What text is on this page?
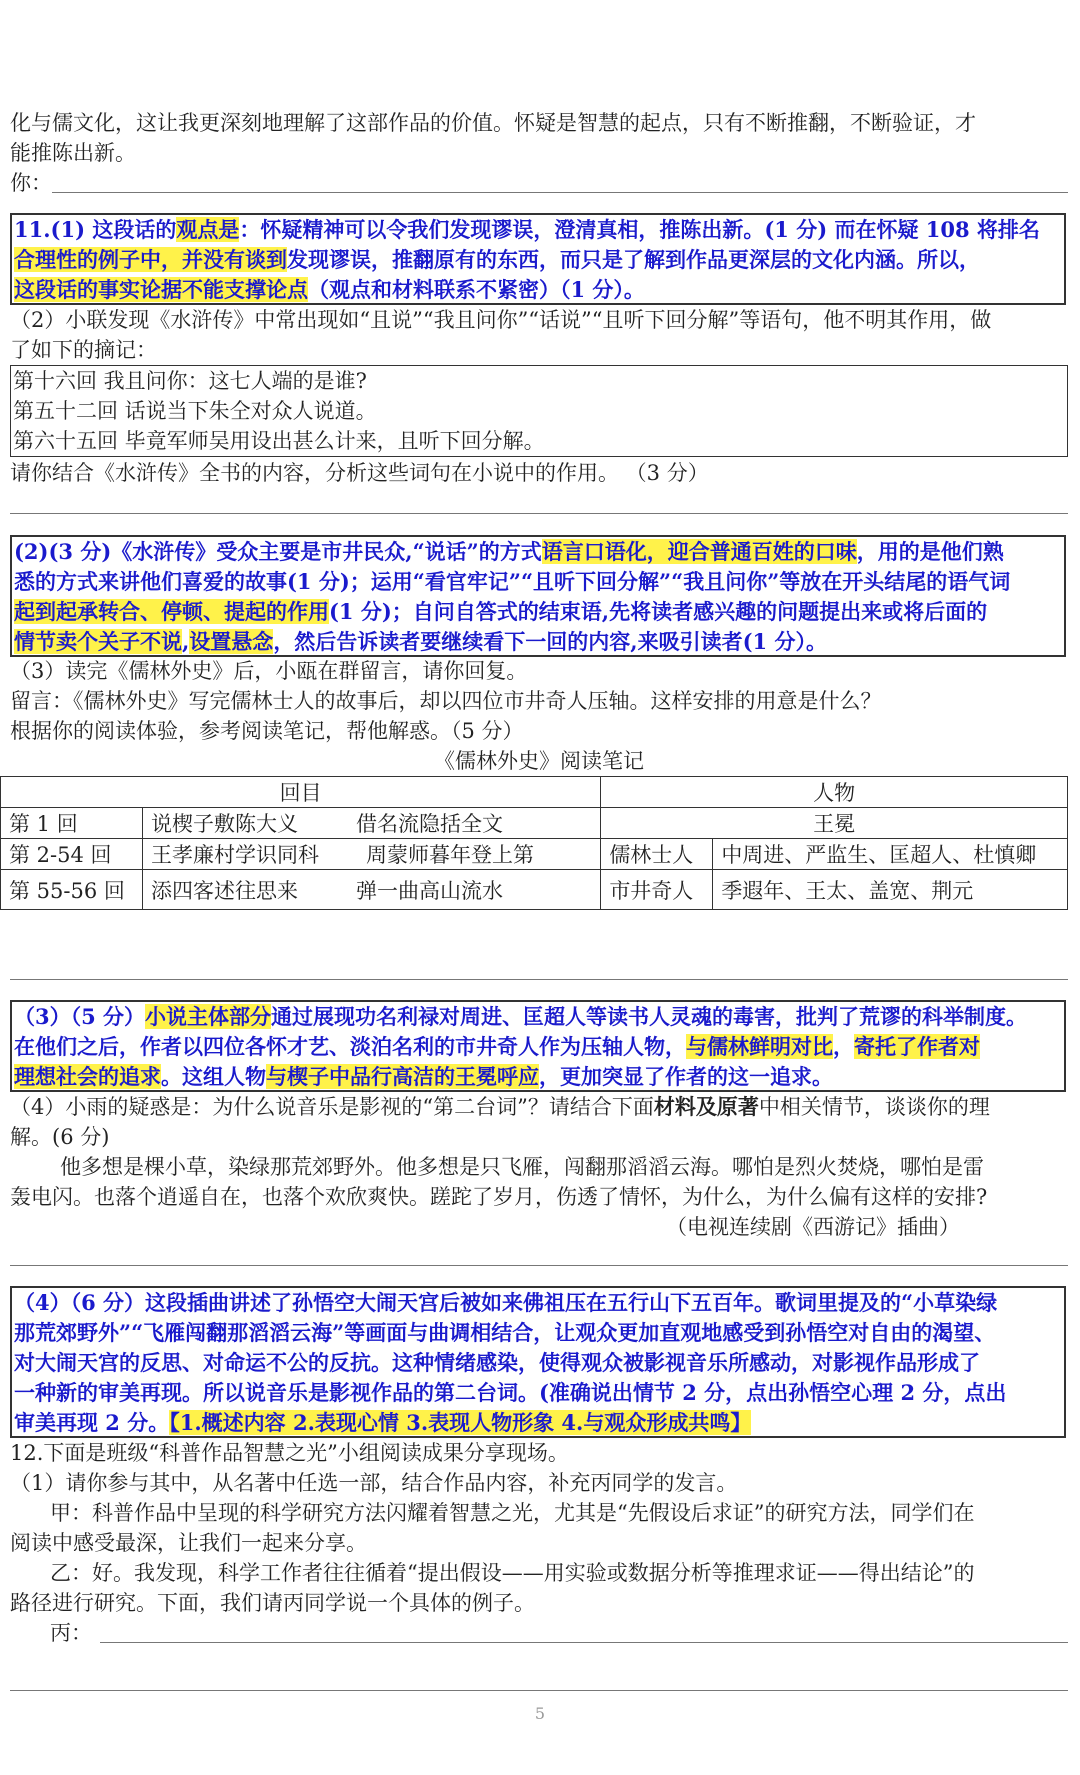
化与儒文化，这让我更深刻地理解了这部作品的价值。怀疑是智慧的起点，只有不断推翻，不断验证，才
能推陈出新。
你：
11.(1) 这段话的观点是：怀疑精神可以令我们发现谬误，澄清真相，推陈出新。(1 分) 而在怀疑 108 将排名
合理性的例子中，并没有谈到发现谬误，推翻原有的东西，而只是了解到作品更深层的文化内涵。所以，
这段话的事实论据不能支撑论点（观点和材料联系不紧密）（1 分）。
（2）小联发现《水浒传》中常出现如“且说”“我且问你”“话说”“且听下回分解”等语句，他不明其作用，做
了如下的摘记：
第十六回 我且问你：这七人端的是谁?
第五十二回 话说当下朱仝对众人说道。
第六十五回 毕竟军师吴用设出甚么计来，且听下回分解。
请你结合《水浒传》全书的内容，分析这些词句在小说中的作用。 （3 分）
(2)(3 分)《水浒传》受众主要是市井民众,“说话”的方式语言口语化，迎合普通百姓的口味，用的是他们熟
悉的方式来讲他们喜爱的故事(1 分)；运用“看官牢记”“且听下回分解”“我且问你”等放在开头结尾的语气词
起到起承转合、停顿、提起的作用(1 分)；自问自答式的结束语,先将读者感兴趣的问题提出来或将后面的
情节卖个关子不说,设置悬念，然后告诉读者要继续看下一回的内容,来吸引读者(1 分）。
（3）读完《儒林外史》后，小瓯在群留言，请你回复。
留言：《儒林外史》写完儒林士人的故事后，却以四位市井奇人压轴。这样安排的用意是什么？
根据你的阅读体验，参考阅读笔记，帮他解惑。（5 分）
《儒林外史》阅读笔记
回目		人物	
第 1 回	说楔子敷陈大义 借名流隐括全文	王冕	
第 2-54 回	王孝廉村学识同科 周蒙师暮年登上第	儒林士人	中周进、严监生、匡超人、杜慎卿
第 55-56 回	添四客述往思来 弹一曲高山流水	市井奇人	季遐年、王太、盖宽、荆元
（3）（5 分）小说主体部分通过展现功名利禄对周进、匡超人等读书人灵魂的毒害，批判了荒谬的科举制度。
在他们之后，作者以四位各怀才艺、淡泊名利的市井奇人作为压轴人物，与儒林鲜明对比，寄托了作者对
理想社会的追求。这组人物与楔子中品行高洁的王冕呼应，更加突显了作者的这一追求。
（4）小雨的疑惑是：为什么说音乐是影视的“第二台词”？请结合下面材料及原著中相关情节，谈谈你的理
解。(6 分)
他多想是棵小草，染绿那荒郊野外。他多想是只飞雁，闯翻那滔滔云海。哪怕是烈火焚烧，哪怕是雷
轰电闪。也落个逍遥自在，也落个欢欣爽快。蹉跎了岁月，伤透了情怀，为什么，为什么偏有这样的安排?
（电视连续剧《西游记》插曲）
（4）（6 分）这段插曲讲述了孙悟空大闹天宫后被如来佛祖压在五行山下五百年。歌词里提及的“小草染绿
那荒郊野外”“飞雁闯翻那滔滔云海”等画面与曲调相结合，让观众更加直观地感受到孙悟空对自由的渴望、
对大闹天宫的反思、对命运不公的反抗。这种情绪感染，使得观众被影视音乐所感动，对影视作品形成了
一种新的审美再现。所以说音乐是影视作品的第二台词。(准确说出情节 2 分，点出孙悟空心理 2 分，点出
审美再现 2 分。【1.概述内容 2.表现心情 3.表现人物形象 4.与观众形成共鸣】
12.下面是班级“科普作品智慧之光”小组阅读成果分享现场。
（1）请你参与其中，从名著中任选一部，结合作品内容，补充丙同学的发言。
甲：科普作品中呈现的科学研究方法闪耀着智慧之光，尤其是“先假设后求证”的研究方法，同学们在
阅读中感受最深，让我们一起来分享。
乙：好。我发现，科学工作者往往循着“提出假设——用实验或数据分析等推理求证——得出结论”的
路径进行研究。下面，我们请丙同学说一个具体的例子。
丙：
5
